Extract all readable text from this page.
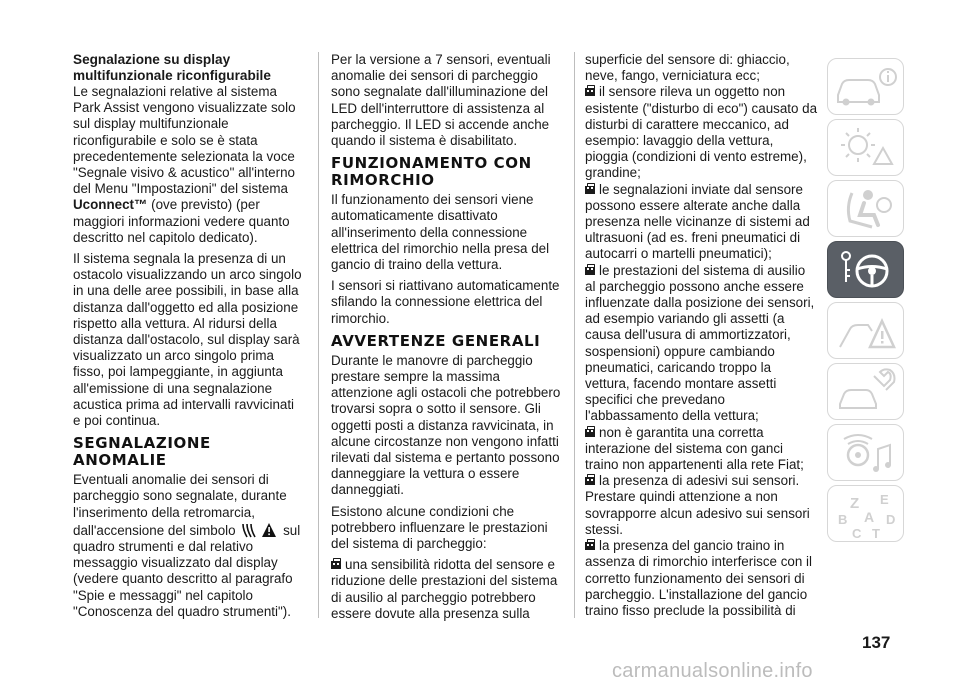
Segnalazione su display
multifunzionale riconfigurabile

Le segnalazioni relative al sistema Park Assist vengono visualizzate solo sul display multifunzionale riconfigurabile e solo se è stata precedentemente selezionata la voce "Segnale visivo & acustico" all'interno del Menu "Impostazioni" del sistema Uconnect™ (ove previsto) (per maggiori informazioni vedere quanto descritto nel capitolo dedicato).

Il sistema segnala la presenza di un ostacolo visualizzando un arco singolo in una delle aree possibili, in base alla distanza dall'oggetto ed alla posizione rispetto alla vettura. Al ridursi della distanza dall'ostacolo, sul display sarà visualizzato un arco singolo prima fisso, poi lampeggiante, in aggiunta all'emissione di una segnalazione acustica prima ad intervalli ravvicinati e poi continua.

SEGNALAZIONE
ANOMALIE

Eventuali anomalie dei sensori di parcheggio sono segnalate, durante l'inserimento della retromarcia, dall'accensione del simbolo	sul quadro strumenti e dal relativo messaggio visualizzato dal display (vedere quanto descritto al paragrafo "Spie e messaggi" nel capitolo "Conoscenza del quadro strumenti").

Per la versione a 7 sensori, eventuali anomalie dei sensori di parcheggio sono segnalate dall'illuminazione del LED dell'interruttore di assistenza al parcheggio. Il LED si accende anche quando il sistema è disabilitato.

FUNZIONAMENTO CON
RIMORCHIO

Il funzionamento dei sensori viene automaticamente disattivato all'inserimento della connessione elettrica del rimorchio nella presa del gancio di traino della vettura.

I sensori si riattivano automaticamente sfilando la connessione elettrica del rimorchio.

AVVERTENZE GENERALI

Durante le manovre di parcheggio prestare sempre la massima attenzione agli ostacoli che potrebbero trovarsi sopra o sotto il sensore. Gli oggetti posti a distanza ravvicinata, in alcune circostanze non vengono infatti rilevati dal sistema e pertanto possono danneggiare la vettura o essere danneggiati.

Esistono alcune condizioni che potrebbero influenzare le prestazioni del sistema di parcheggio:

una sensibilità ridotta del sensore e riduzione delle prestazioni del sistema di ausilio al parcheggio potrebbero essere dovute alla presenza sulla

superficie del sensore di: ghiaccio, neve, fango, verniciatura ecc;

il sensore rileva un oggetto non esistente ("disturbo di eco") causato da disturbi di carattere meccanico, ad esempio: lavaggio della vettura, pioggia (condizioni di vento estreme), grandine;

le segnalazioni inviate dal sensore possono essere alterate anche dalla presenza nelle vicinanze di sistemi ad ultrasuoni (ad es. freni pneumatici di autocarri o martelli pneumatici);

le prestazioni del sistema di ausilio al parcheggio possono anche essere influenzate dalla posizione dei sensori, ad esempio variando gli assetti (a causa dell'usura di ammortizzatori, sospensioni) oppure cambiando pneumatici, caricando troppo la vettura, facendo montare assetti specifici che prevedano l'abbassamento della vettura;

non è garantita una corretta interazione del sistema con ganci traino non appartenenti alla rete Fiat;

la presenza di adesivi sui sensori. Prestare quindi attenzione a non sovrapporre alcun adesivo sui sensori stessi.

la presenza del gancio traino in assenza di rimorchio interferisce con il corretto funzionamento dei sensori di parcheggio. L'installazione del gancio traino fisso preclude la possibilità di

Z E
B A
C T
D
137
carmanualsonline.info
